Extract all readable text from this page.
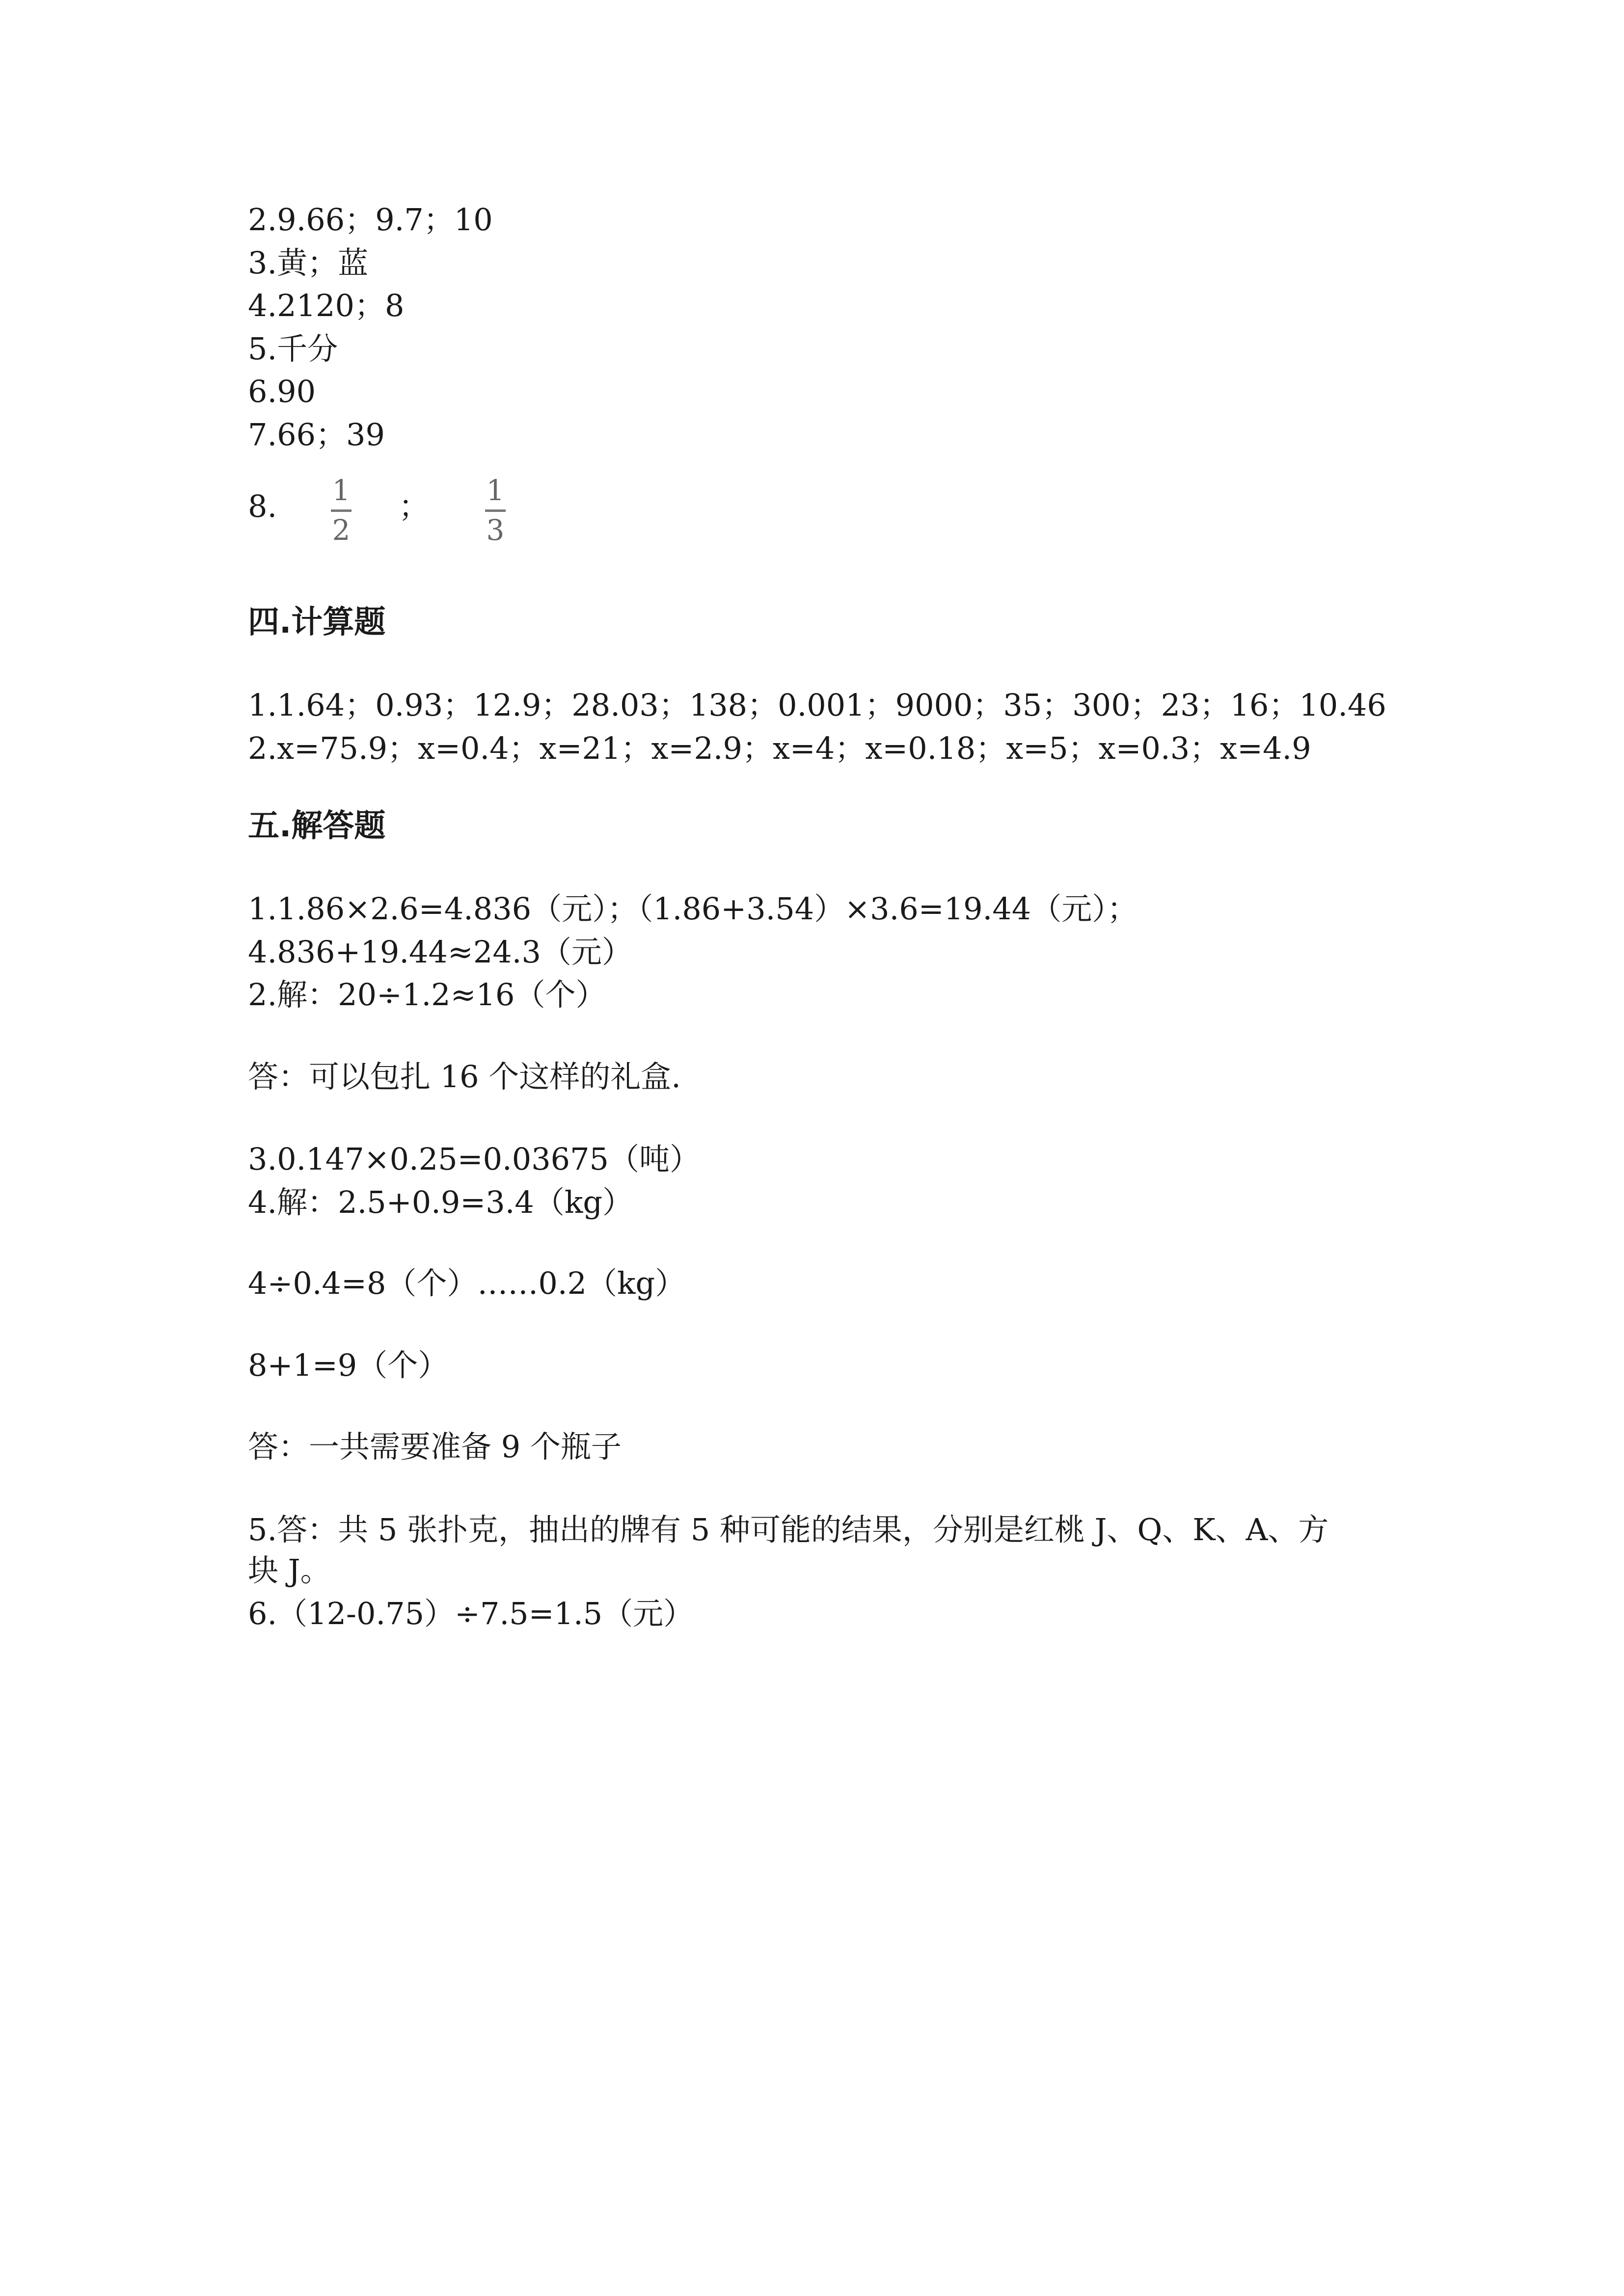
2.9.66；9.7；10
3.黄；蓝
4.2120；8
5.千分
6.90
7.66；39
8. 1
2
； 1
3
四.计算题
1.1.64；0.93；12.9；28.03；138；0.001；9000；35；300；23；16；10.46
2.x=75.9；x=0.4；x=21；x=2.9；x=4；x=0.18；x=5；x=0.3；x=4.9
五.解答题
1.1.86×2.6=4.836（元）；（1.86+3.54）×3.6=19.44（元）；
4.836+19.44≈24.3（元）
2.解：20÷1.2≈16（个）
答：可以包扎 16 个这样的礼盒.
3.0.147×0.25=0.03675（吨）
4.解：2.5+0.9=3.4（kg）
4÷0.4=8（个）……0.2（kg）
8+1=9（个）
答：一共需要准备 9 个瓶子
5.答：共 5 张扑克，抽出的牌有 5 种可能的结果，分别是红桃 J、Q、K、A、方
块 J。
6.（12-0.75）÷7.5=1.5（元）
